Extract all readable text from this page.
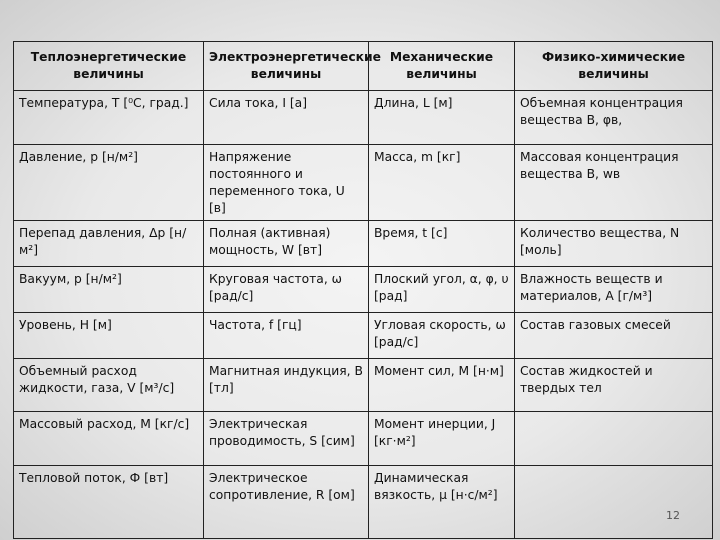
Теплоэнергетические величины	Электроэнергетические величины	Механические величины	Физико-химические величины
Температура, T [⁰C, град.]	Сила тока, I [а]	Длина, L [м]	Объемная концентрация вещества В, φв,
Давление, р [н/м²]	Напряжение постоянного и переменного тока, U [в]	Масса, m [кг]	Массовая концентрация вещества В, wв
Перепад давления, Δр [н/м²]	Полная (активная) мощность, W [вт]	Время, t [с]	Количество вещества, N [моль]
Вакуум, р [н/м²]	Круговая частота, ω [рад/с]	Плоский угол, α, φ, υ [рад]	Влажность веществ и материалов, А [г/м³]
Уровень, Н [м]	Частота, f [гц]	Угловая скорость, ω [рад/с]	Состав газовых смесей
Объемный расход жидкости, газа, V [м³/с]	Магнитная индукция, В [тл]	Момент сил, М [н·м]	Состав жидкостей и твердых тел
Массовый расход, М [кг/с]	Электрическая проводимость, S [сим]	Момент инерции, J [кг·м²]	
Тепловой поток, Ф [вт]	Электрическое сопротивление, R [ом]	Динамическая вязкость, μ [н·с/м²]	
12
